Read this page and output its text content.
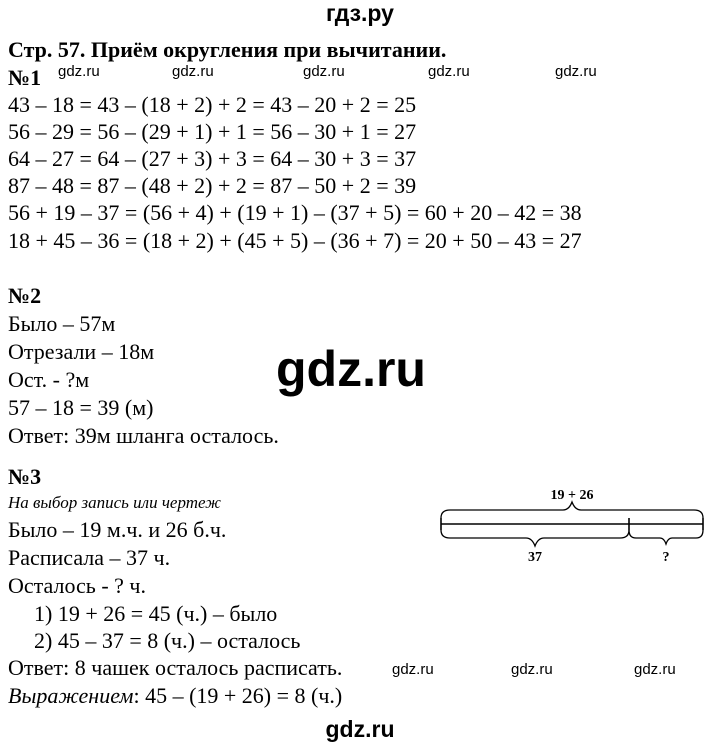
гдз.ру
Стр. 57. Приём округления при вычитании.
№1 gdz.ru	gdz.ru	gdz.ru	gdz.ru	gdz.ru
43 – 18 = 43 – (18 + 2) + 2 = 43 – 20 + 2 = 25
56 – 29 = 56 – (29 + 1) + 1 = 56 – 30 + 1 = 27
64 – 27 = 64 – (27 + 3) + 3 = 64 – 30 + 3 = 37
87 – 48 = 87 – (48 + 2) + 2 = 87 – 50 + 2 = 39
56 + 19 – 37 = (56 + 4) + (19 + 1) – (37 + 5) = 60 + 20 – 42 = 38
18 + 45 – 36 = (18 + 2) + (45 + 5) – (36 + 7) = 20 + 50 – 43 = 27
№2
Было – 57м
Отрезали – 18м
Ост. - ?м
57 – 18 = 39 (м)
Ответ: 39м шланга осталось.
gdz.ru
№3
На выбор запись или чертеж
Было – 19 м.ч. и 26 б.ч.
Расписала – 37 ч.
Осталось - ? ч.
1) 19 + 26 = 45 (ч.) – было
2) 45 – 37 = 8 (ч.) – осталось
Ответ: 8 чашек осталось расписать.
Выражением: 45 – (19 + 26) = 8 (ч.)
gdz.ru	gdz.ru	gdz.ru
19 + 26
37	?
gdz.ru
